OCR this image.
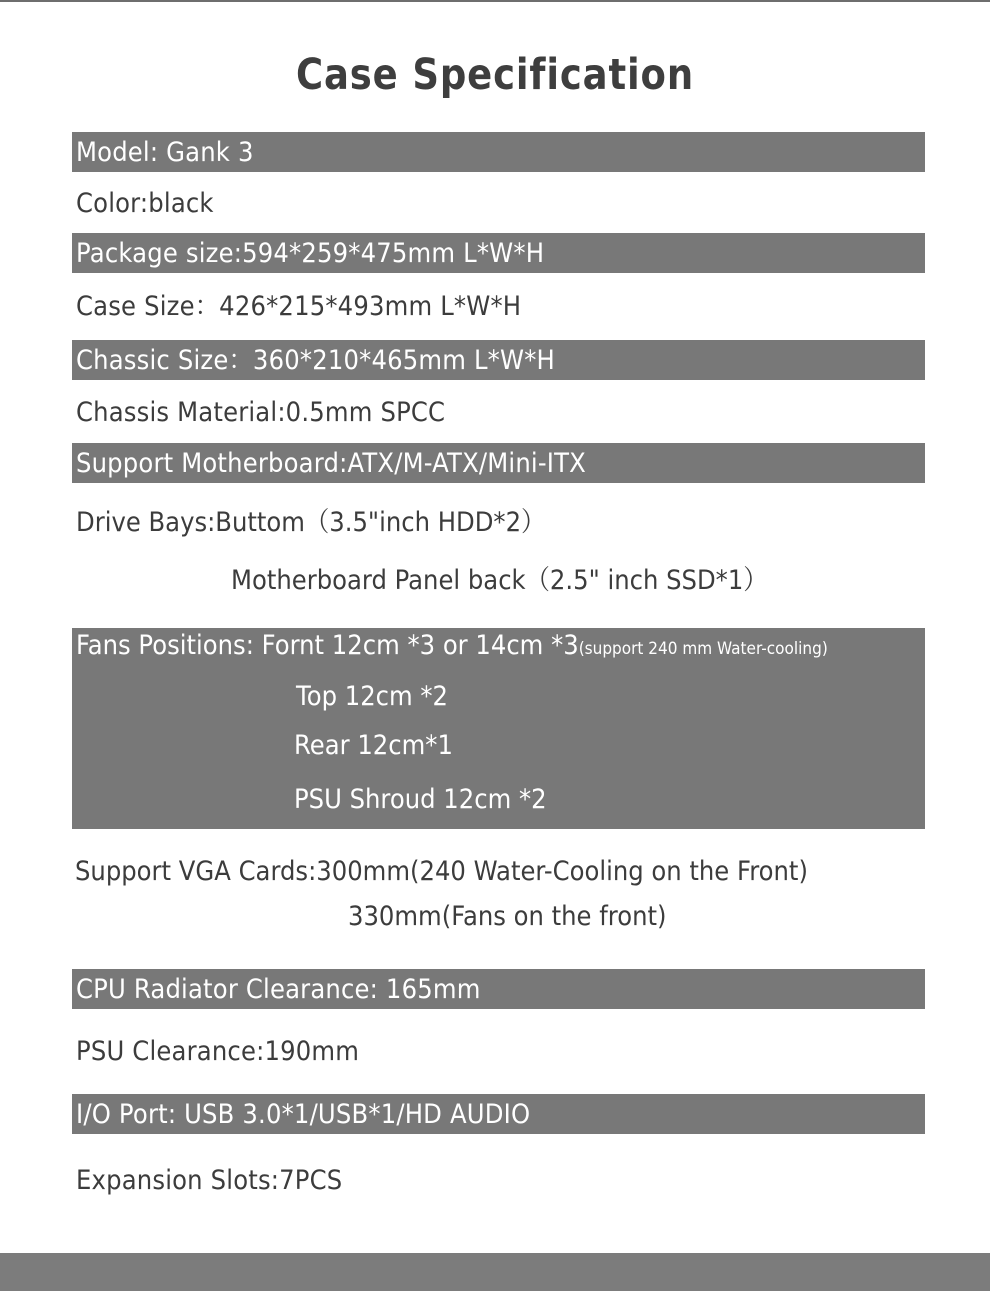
Case Specification
Model: Gank 3
Color:black
Package size:594*259*475mm L*W*H
Case Size：426*215*493mm L*W*H
Chassic Size：360*210*465mm L*W*H
Chassis Material:0.5mm SPCC
Support Motherboard:ATX/M-ATX/Mini-ITX
Drive Bays:Buttom（3.5"inch HDD*2）
Motherboard Panel back（2.5" inch SSD*1）
Fans Positions: Fornt 12cm *3 or 14cm *3(support 240 mm Water-cooling)
Top 12cm *2
Rear 12cm*1
PSU Shroud 12cm *2
Support VGA Cards:300mm(240 Water-Cooling on the Front)
330mm(Fans on the front)
CPU Radiator Clearance: 165mm
PSU Clearance:190mm
I/O Port: USB 3.0*1/USB*1/HD AUDIO
Expansion Slots:7PCS
